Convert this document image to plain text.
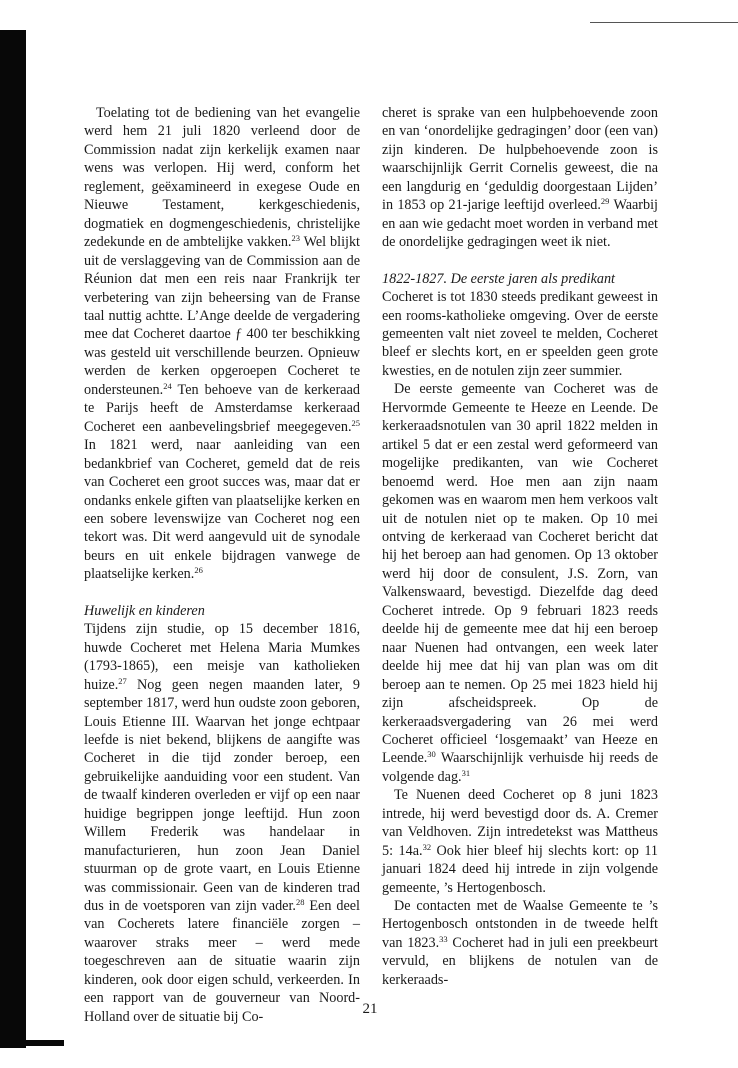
Toelating tot de bediening van het evangelie werd hem 21 juli 1820 verleend door de Commission nadat zijn kerkelijk examen naar wens was verlopen. Hij werd, conform het reglement, geëxamineerd in exegese Oude en Nieuwe Testament, kerkgeschiedenis, dogmatiek en dogmengeschiedenis, christelijke zedekunde en de ambtelijke vakken.$^{23}$ Wel blijkt uit de verslaggeving van de Commission aan de Réunion dat men een reis naar Frankrijk ter verbetering van zijn beheersing van de Franse taal nuttig achtte. L’Ange deelde de vergadering mee dat Cocheret daartoe ƒ 400 ter beschikking was gesteld uit verschillende beurzen. Opnieuw werden de kerken opgeroepen Cocheret te ondersteunen.$^{24}$ Ten behoeve van de kerkeraad te Parijs heeft de Amsterdamse kerkeraad Cocheret een aanbevelingsbrief meegegeven.$^{25}$ In 1821 werd, naar aanleiding van een bedankbrief van Cocheret, gemeld dat de reis van Cocheret een groot succes was, maar dat er ondanks enkele giften van plaatselijke kerken en een sobere levenswijze van Cocheret nog een tekort was. Dit werd aangevuld uit de synodale beurs en uit enkele bijdragen vanwege de plaatselijke kerken.$^{26}$

Huwelijk en kinderen

Tijdens zijn studie, op 15 december 1816, huwde Cocheret met Helena Maria Mumkes (1793-1865), een meisje van katholieken huize.$^{27}$ Nog geen negen maanden later, 9 september 1817, werd hun oudste zoon geboren, Louis Etienne III. Waarvan het jonge echtpaar leefde is niet bekend, blijkens de aangifte was Cocheret in die tijd zonder beroep, een gebruikelijke aanduiding voor een student. Van de twaalf kinderen overleden er vijf op een naar huidige begrippen jonge leeftijd. Hun zoon Willem Frederik was handelaar in manufacturieren, hun zoon Jean Daniel stuurman op de grote vaart, en Louis Etienne was commissionair. Geen van de kinderen trad dus in de voetsporen van zijn vader.$^{28}$ Een deel van Cocherets latere financiële zorgen – waarover straks meer – werd mede toegeschreven aan de situatie waarin zijn kinderen, ook door eigen schuld, verkeerden. In een rapport van de gouverneur van Noord-Holland over de situatie bij Co-

cheret is sprake van een hulpbehoevende zoon en van ‘onordelijke gedragingen’ door (een van) zijn kinderen. De hulpbehoevende zoon is waarschijnlijk Gerrit Cornelis geweest, die na een langdurig en ‘geduldig doorgestaan Lijden’ in 1853 op 21-jarige leeftijd overleed.$^{29}$ Waarbij en aan wie gedacht moet worden in verband met de onordelijke gedragingen weet ik niet.

1822-1827. De eerste jaren als predikant

Cocheret is tot 1830 steeds predikant geweest in een rooms-katholieke omgeving. Over de eerste gemeenten valt niet zoveel te melden, Cocheret bleef er slechts kort, en er speelden geen grote kwesties, en de notulen zijn zeer summier.

De eerste gemeente van Cocheret was de Hervormde Gemeente te Heeze en Leende. De kerkeraadsnotulen van 30 april 1822 melden in artikel 5 dat er een zestal werd geformeerd van mogelijke predikanten, van wie Cocheret benoemd werd. Hoe men aan zijn naam gekomen was en waarom men hem verkoos valt uit de notulen niet op te maken. Op 10 mei ontving de kerkeraad van Cocheret bericht dat hij het beroep aan had genomen. Op 13 oktober werd hij door de consulent, J.S. Zorn, van Valkenswaard, bevestigd. Diezelfde dag deed Cocheret intrede. Op 9 februari 1823 reeds deelde hij de gemeente mee dat hij een beroep naar Nuenen had ontvangen, een week later deelde hij mee dat hij van plan was om dit beroep aan te nemen. Op 25 mei 1823 hield hij zijn afscheidspreek. Op de kerkeraadsvergadering van 26 mei werd Cocheret officieel ‘losgemaakt’ van Heeze en Leende.$^{30}$ Waarschijnlijk verhuisde hij reeds de volgende dag.$^{31}$

Te Nuenen deed Cocheret op 8 juni 1823 intrede, hij werd bevestigd door ds. A. Cremer van Veldhoven. Zijn intredetekst was Mattheus 5: 14a.$^{32}$ Ook hier bleef hij slechts kort: op 11 januari 1824 deed hij intrede in zijn volgende gemeente, ’s Hertogenbosch.

De contacten met de Waalse Gemeente te ’s Hertogenbosch ontstonden in de tweede helft van 1823.33 Cocheret had in juli een preekbeurt vervuld, en blijkens de notulen van de kerkeraads-

21
